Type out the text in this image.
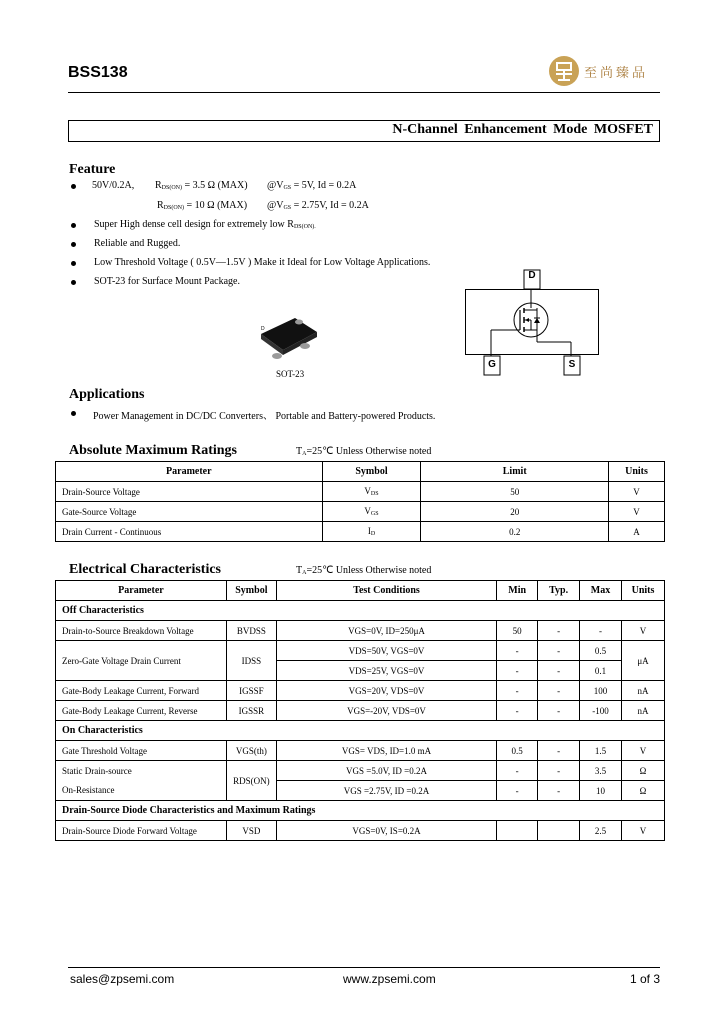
BSS138	至尚臻品
N-Channel Enhancement Mode MOSFET
Feature
50V/0.2A, RDS(ON) = 3.5 Ω (MAX) @VGS = 5V, Id = 0.2A
RDS(ON) = 10 Ω (MAX) @VGS = 2.75V, Id = 0.2A
Super High dense cell design for extremely low RDS(ON).
Reliable and Rugged.
Low Threshold Voltage ( 0.5V—1.5V ) Make it Ideal for Low Voltage Applications.
SOT-23 for Surface Mount Package.
D
SOT-23
D
G	S
Applications
Power Management in DC/DC Converters、 Portable and Battery-powered Products.
Absolute Maximum Ratings	TA=25℃ Unless Otherwise noted
Parameter	Symbol	Limit	Units
Drain-Source Voltage	VDS	50	V
Gate-Source Voltage	VGS	20	V
Drain Current - Continuous	ID	0.2	A
Electrical Characteristics	TA=25℃ Unless Otherwise noted
Parameter	Symbol	Test Conditions	Min	Typ.	Max	Units
Off Characteristics						
Drain-to-Source Breakdown Voltage	BVDSS	VGS=0V, ID=250μA	50	-	-	V
Zero-Gate Voltage Drain Current	IDSS	VDS=50V, VGS=0V	-	-	0.5	μA
		VDS=25V, VGS=0V	-	-	0.1	
Gate-Body Leakage Current, Forward	IGSSF	VGS=20V, VDS=0V	-	-	100	nA
Gate-Body Leakage Current, Reverse	IGSSR	VGS=-20V, VDS=0V	-	-	-100	nA
On Characteristics						
Gate Threshold Voltage	VGS(th)	VGS= VDS, ID=1.0 mA	0.5	-	1.5	V
Static Drain-source	RDS(ON)	VGS =5.0V, ID =0.2A	-	-	3.5	Ω
On-Resistance		VGS =2.75V, ID =0.2A	-	-	10	Ω
Drain-Source Diode Characteristics and Maximum Ratings						
Drain-Source Diode Forward Voltage	VSD	VGS=0V, IS=0.2A			2.5	V
sales@zpsemi.com	www.zpsemi.com	1 of 3
